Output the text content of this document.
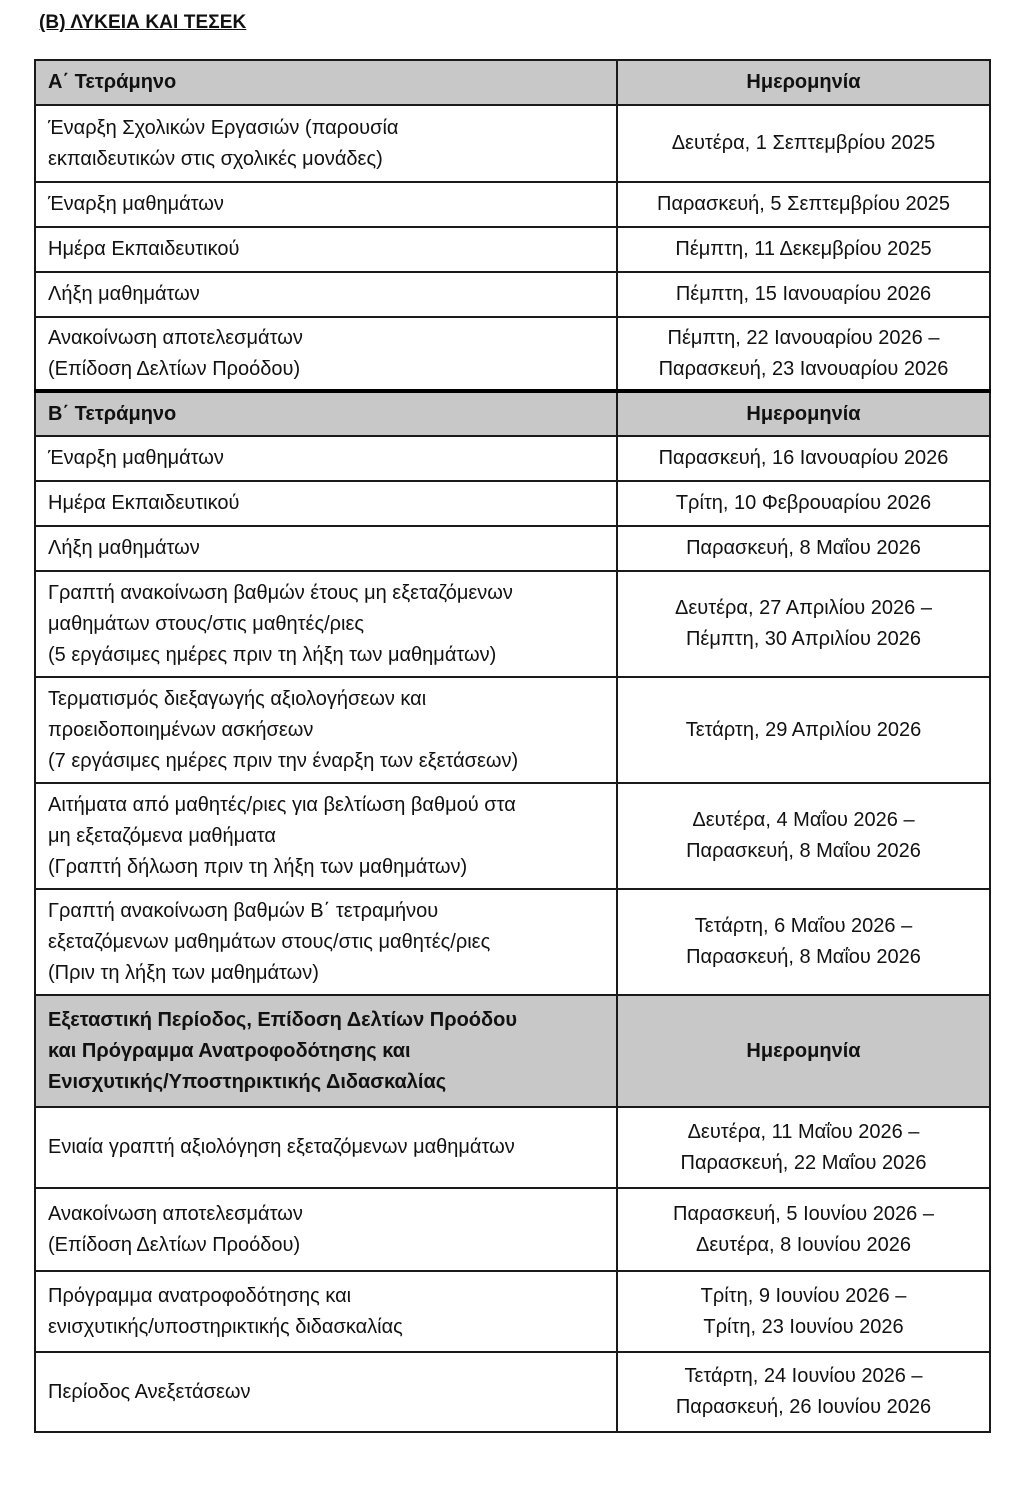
(Β) ΛΥΚΕΙΑ ΚΑΙ ΤΕΣΕΚ
Α΄ Τετράμηνο	Ημερομηνία

Έναρξη Σχολικών Εργασιών (παρουσία
εκπαιδευτικών στις σχολικές μονάδες)	Δευτέρα, 1 Σεπτεμβρίου 2025

Έναρξη μαθημάτων	Παρασκευή, 5 Σεπτεμβρίου 2025

Ημέρα Εκπαιδευτικού	Πέμπτη, 11 Δεκεμβρίου 2025

Λήξη μαθημάτων	Πέμπτη, 15 Ιανουαρίου 2026

Ανακοίνωση αποτελεσμάτων
(Επίδοση Δελτίων Προόδου)	Πέμπτη, 22 Ιανουαρίου 2026 –
Παρασκευή, 23 Ιανουαρίου 2026

Β΄ Τετράμηνο	Ημερομηνία

Έναρξη μαθημάτων	Παρασκευή, 16 Ιανουαρίου 2026

Ημέρα Εκπαιδευτικού	Τρίτη, 10 Φεβρουαρίου 2026

Λήξη μαθημάτων	Παρασκευή, 8 Μαΐου 2026

Γραπτή ανακοίνωση βαθμών έτους μη εξεταζόμενων
μαθημάτων στους/στις μαθητές/ριες
(5 εργάσιμες ημέρες πριν τη λήξη των μαθημάτων)	Δευτέρα, 27 Απριλίου 2026 –
Πέμπτη, 30 Απριλίου 2026

Τερματισμός διεξαγωγής αξιολογήσεων και
προειδοποιημένων ασκήσεων
(7 εργάσιμες ημέρες πριν την έναρξη των εξετάσεων)	Τετάρτη, 29 Απριλίου 2026

Αιτήματα από μαθητές/ριες για βελτίωση βαθμού στα
μη εξεταζόμενα μαθήματα
(Γραπτή δήλωση πριν τη λήξη των μαθημάτων)	Δευτέρα, 4 Μαΐου 2026 –
Παρασκευή, 8 Μαΐου 2026

Γραπτή ανακοίνωση βαθμών Β΄ τετραμήνου
εξεταζόμενων μαθημάτων στους/στις μαθητές/ριες
(Πριν τη λήξη των μαθημάτων)	Τετάρτη, 6 Μαΐου 2026 –
Παρασκευή, 8 Μαΐου 2026

Εξεταστική Περίοδος, Επίδοση Δελτίων Προόδου
και Πρόγραμμα Ανατροφοδότησης και
Ενισχυτικής/Υποστηρικτικής Διδασκαλίας	Ημερομηνία

Ενιαία γραπτή αξιολόγηση εξεταζόμενων μαθημάτων	Δευτέρα, 11 Μαΐου 2026 –
Παρασκευή, 22 Μαΐου 2026

Ανακοίνωση αποτελεσμάτων
(Επίδοση Δελτίων Προόδου)	Παρασκευή, 5 Ιουνίου 2026 –
Δευτέρα, 8 Ιουνίου 2026

Πρόγραμμα ανατροφοδότησης και
ενισχυτικής/υποστηρικτικής διδασκαλίας	Τρίτη, 9 Ιουνίου 2026 –
Τρίτη, 23 Ιουνίου 2026

Περίοδος Ανεξετάσεων	Τετάρτη, 24 Ιουνίου 2026 –
Παρασκευή, 26 Ιουνίου 2026
